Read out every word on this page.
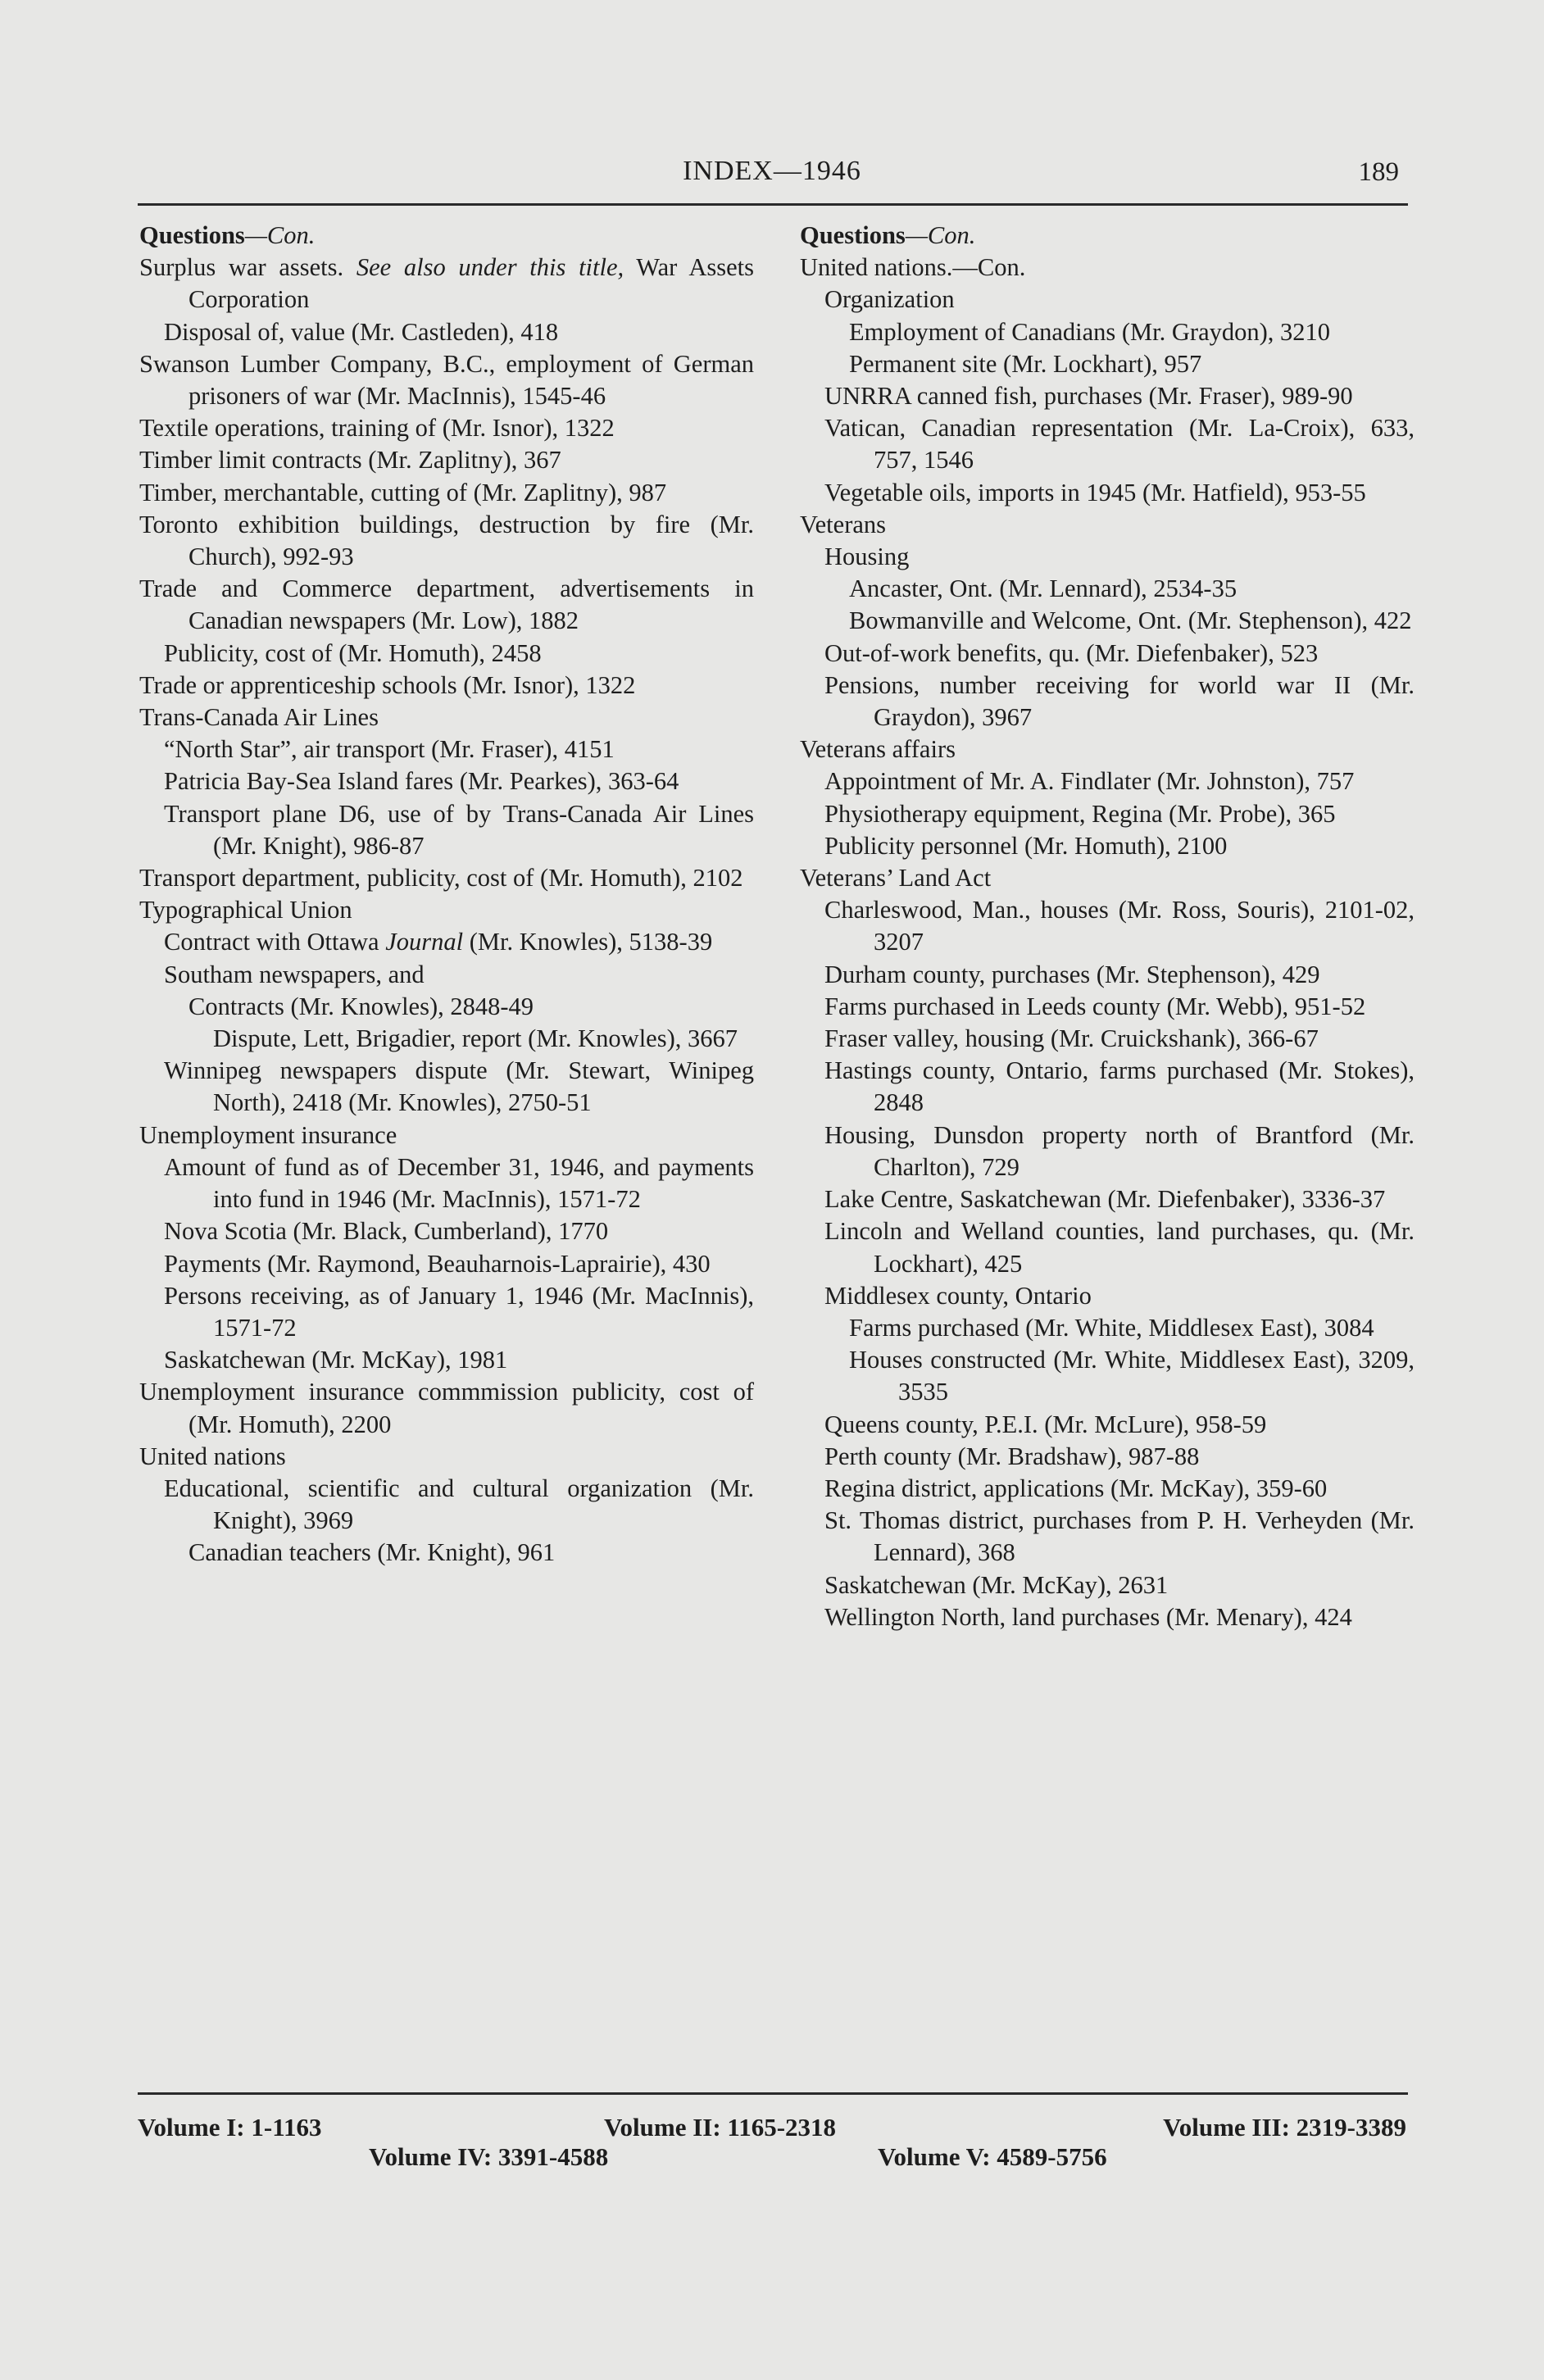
INDEX—1946	189
Questions—Con.
Surplus war assets. See also under this title, War Assets Corporation
Disposal of, value (Mr. Castleden), 418
Swanson Lumber Company, B.C., employment of German prisoners of war (Mr. MacInnis), 1545-46
Textile operations, training of (Mr. Isnor), 1322
Timber limit contracts (Mr. Zaplitny), 367
Timber, merchantable, cutting of (Mr. Zaplitny), 987
Toronto exhibition buildings, destruction by fire (Mr. Church), 992-93
Trade and Commerce department, advertisements in Canadian newspapers (Mr. Low), 1882
Publicity, cost of (Mr. Homuth), 2458
Trade or apprenticeship schools (Mr. Isnor), 1322
Trans-Canada Air Lines
“North Star”, air transport (Mr. Fraser), 4151
Patricia Bay-Sea Island fares (Mr. Pearkes), 363-64
Transport plane D6, use of by Trans-Canada Air Lines (Mr. Knight), 986-87
Transport department, publicity, cost of (Mr. Homuth), 2102
Typographical Union
Contract with Ottawa Journal (Mr. Knowles), 5138-39
Southam newspapers, and
Contracts (Mr. Knowles), 2848-49
Dispute, Lett, Brigadier, report (Mr. Knowles), 3667
Winnipeg newspapers dispute (Mr. Stewart, Winipeg North), 2418 (Mr. Knowles), 2750-51
Unemployment insurance
Amount of fund as of December 31, 1946, and payments into fund in 1946 (Mr. MacInnis), 1571-72
Nova Scotia (Mr. Black, Cumberland), 1770
Payments (Mr. Raymond, Beauharnois-Laprairie), 430
Persons receiving, as of January 1, 1946 (Mr. MacInnis), 1571-72
Saskatchewan (Mr. McKay), 1981
Unemployment insurance commmission publicity, cost of (Mr. Homuth), 2200
United nations
Educational, scientific and cultural organization (Mr. Knight), 3969
Canadian teachers (Mr. Knight), 961
Questions—Con.
United nations.—Con.
Organization
Employment of Canadians (Mr. Graydon), 3210
Permanent site (Mr. Lockhart), 957
UNRRA canned fish, purchases (Mr. Fraser), 989-90
Vatican, Canadian representation (Mr. La-Croix), 633, 757, 1546
Vegetable oils, imports in 1945 (Mr. Hatfield), 953-55
Veterans
Housing
Ancaster, Ont. (Mr. Lennard), 2534-35
Bowmanville and Welcome, Ont. (Mr. Stephenson), 422
Out-of-work benefits, qu. (Mr. Diefenbaker), 523
Pensions, number receiving for world war II (Mr. Graydon), 3967
Veterans affairs
Appointment of Mr. A. Findlater (Mr. Johnston), 757
Physiotherapy equipment, Regina (Mr. Probe), 365
Publicity personnel (Mr. Homuth), 2100
Veterans’ Land Act
Charleswood, Man., houses (Mr. Ross, Souris), 2101-02, 3207
Durham county, purchases (Mr. Stephenson), 429
Farms purchased in Leeds county (Mr. Webb), 951-52
Fraser valley, housing (Mr. Cruickshank), 366-67
Hastings county, Ontario, farms purchased (Mr. Stokes), 2848
Housing, Dunsdon property north of Brantford (Mr. Charlton), 729
Lake Centre, Saskatchewan (Mr. Diefenbaker), 3336-37
Lincoln and Welland counties, land purchases, qu. (Mr. Lockhart), 425
Middlesex county, Ontario
Farms purchased (Mr. White, Middlesex East), 3084
Houses constructed (Mr. White, Middlesex East), 3209, 3535
Queens county, P.E.I. (Mr. McLure), 958-59
Perth county (Mr. Bradshaw), 987-88
Regina district, applications (Mr. McKay), 359-60
St. Thomas district, purchases from P. H. Verheyden (Mr. Lennard), 368
Saskatchewan (Mr. McKay), 2631
Wellington North, land purchases (Mr. Menary), 424
Volume I: 1-1163	Volume II: 1165-2318	Volume III: 2319-3389
Volume IV: 3391-4588	Volume V: 4589-5756
